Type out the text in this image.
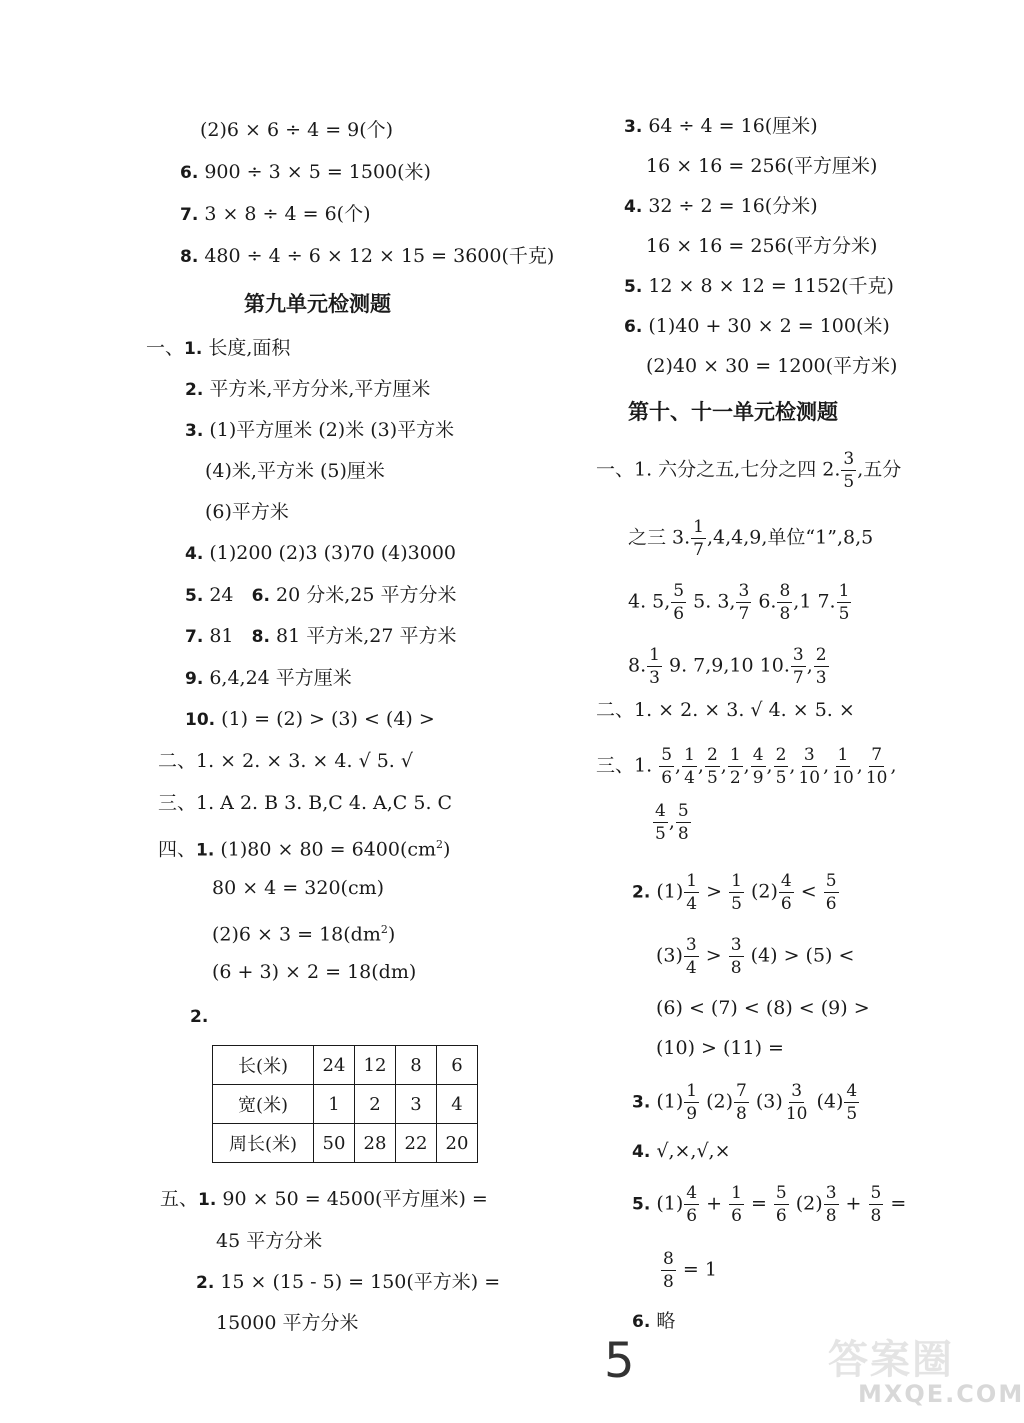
(2)6 × 6 ÷ 4 = 9(个)
6. 900 ÷ 3 × 5 = 1500(米)
7. 3 × 8 ÷ 4 = 6(个)
8. 480 ÷ 4 ÷ 6 × 12 × 15 = 3600(千克)
第九单元检测题
一、1. 长度,面积
2. 平方米,平方分米,平方厘米
3. (1)平方厘米 (2)米 (3)平方米
(4)米,平方米 (5)厘米
(6)平方米
4. (1)200 (2)3 (3)70 (4)3000
5. 24 6. 20 分米,25 平方分米
7. 81 8. 81 平方米,27 平方米
9. 6,4,24 平方厘米
10. (1) = (2) > (3) < (4) >
二、1. × 2. × 3. × 4. √ 5. √
三、1. A 2. B 3. B,C 4. A,C 5. C
四、1. $(1)80 \times 80 = 6400(cm^2)$
80 × 4 = 320(cm)
$(2)6 \times 3 = 18(dm^2)$
(6 + 3) × 2 = 18(dm)
2.
长(米)	24	12	8	6
宽(米)	1	2	3	4
周长(米)	50	28	22	20
五、1. 90 × 50 = 4500(平方厘米) =
45 平方分米
2. 15 × (15 - 5) = 150(平方米) =
15000 平方分米
3. 64 ÷ 4 = 16(厘米)
16 × 16 = 256(平方厘米)
4. 32 ÷ 2 = 16(分米)
16 × 16 = 256(平方分米)
5. 12 × 8 × 12 = 1152(千克)
6. (1)40 + 30 × 2 = 100(米)
(2)40 × 30 = 1200(平方米)
第十、十一单元检测题
一、1. 六分之五,七分之四 2. $\frac{3}{5}$ ,五分
之三 3. $\frac{1}{7} ,4,4,9$,单位“1”,8,5
4. 5, $\frac{5}{6} 5$. 3, $\frac{3}{7} 6$. $\frac{8}{8} ,1$ 7. $\frac{1}{5}$
8. $\frac{1}{3} 9$. 7,9,10 10. $\frac{3}{7}$ , $\frac{2}{3}$
二、1. × 2. × 3. √ 4. × 5. ×
三、1. $\frac{5}{6}$ , $\frac{1}{4}$ , $\frac{2}{5}$ , $\frac{1}{2}$ , $\frac{4}{9}$ , $\frac{2}{5}$ , $\frac{3}{10}$ , $\frac{1}{10}$ , $\frac{7}{10}$ ,
$\frac{4}{5}$ , $\frac{5}{8}$
2. $(1) \frac{1}{4} > \frac{1}{5} (2) \frac{4}{6} < \frac{5}{6}$
$(3) \frac{3}{4} > \frac{3}{8} (4) > (5)$ <
(6) < (7) < (8) < (9) >
(10) > (11) =
3. $(1) \frac{1}{9} (2) \frac{7}{8} (3) \frac{3}{10} (4) \frac{4}{5}$
4. √,×,√,×
5. $(1) \frac{4}{6} + \frac{1}{6} = \frac{5}{6} (2) \frac{3}{8} + \frac{5}{8}$ =
$\frac{8}{8} = 1$
6. 略
5	答案圈
MXQE.COM
